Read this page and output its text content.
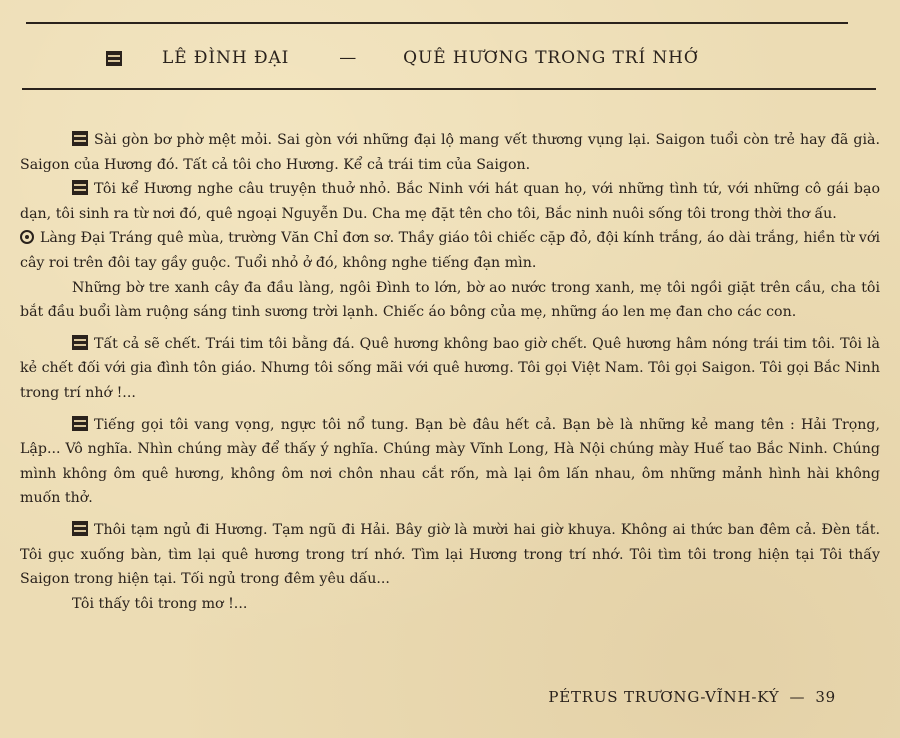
LÊ ĐÌNH ĐẠI	—	QUÊ HƯƠNG TRONG TRÍ NHỚ

Sài gòn bơ phờ mệt mỏi. Sai gòn với những đại lộ mang vết thương vụng lại. Saigon tuổi còn trẻ hay đã già. Saigon của Hương đó. Tất cả tôi cho Hương. Kể cả trái tim của Saigon.

Tôi kể Hương nghe câu truyện thuở nhỏ. Bắc Ninh với hát quan họ, với những tình tứ, với những cô gái bạo dạn, tôi sinh ra từ nơi đó, quê ngoại Nguyễn Du. Cha mẹ đặt tên cho tôi, Bắc ninh nuôi sống tôi trong thời thơ ấu.

Làng Đại Tráng quê mùa, trường Văn Chỉ đơn sơ. Thầy giáo tôi chiếc cặp đỏ, đội kính trắng, áo dài trắng, hiền từ với cây roi trên đôi tay gầy guộc. Tuổi nhỏ ở đó, không nghe tiếng đạn mìn.

Những bờ tre xanh cây đa đầu làng, ngôi Đình to lớn, bờ ao nước trong xanh, mẹ tôi ngồi giặt trên cầu, cha tôi bắt đầu buổi làm ruộng sáng tinh sương trời lạnh. Chiếc áo bông của mẹ, những áo len mẹ đan cho các con.

Tất cả sẽ chết. Trái tim tôi bằng đá. Quê hương không bao giờ chết. Quê hương hâm nóng trái tim tôi. Tôi là kẻ chết đối với gia đình tôn giáo. Nhưng tôi sống mãi với quê hương. Tôi gọi Việt Nam. Tôi gọi Saigon. Tôi gọi Bắc Ninh trong trí nhớ !...

Tiếng gọi tôi vang vọng, ngực tôi nổ tung. Bạn bè đâu hết cả. Bạn bè là những kẻ mang tên : Hải Trọng, Lập... Vô nghĩa. Nhìn chúng mày để thấy ý nghĩa. Chúng mày Vĩnh Long, Hà Nội chúng mày Huế tao Bắc Ninh. Chúng mình không ôm quê hương, không ôm nơi chôn nhau cắt rốn, mà lại ôm lấn nhau, ôm những mảnh hình hài không muốn thở.

Thôi tạm ngủ đi Hương. Tạm ngũ đi Hải. Bây giờ là mười hai giờ khuya. Không ai thức ban đêm cả. Đèn tắt. Tôi gục xuống bàn, tìm lại quê hương trong trí nhớ. Tìm lại Hương trong trí nhớ. Tôi tìm tôi trong hiện tại Tôi thấy Saigon trong hiện tại. Tối ngủ trong đêm yêu dấu...

Tôi thấy tôi trong mơ !...

PÉTRUS TRƯƠNG-VĨNH-KÝ — 39
